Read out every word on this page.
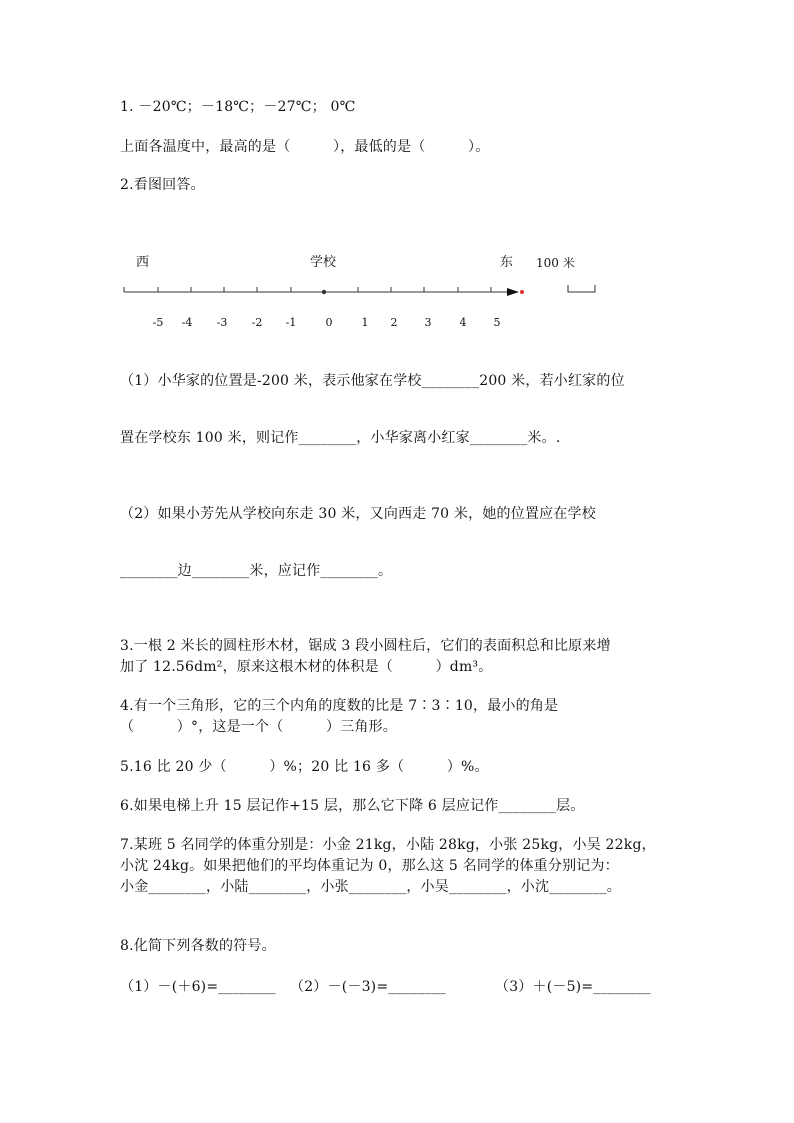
1. －20℃；－18℃；－27℃； 0℃
上面各温度中，最高的是（　　　），最低的是（　　　）。
2.看图回答。
西	学校	东 100 米
-5 -4 -3 -2 -1	0	1 2 3	4 5
（1）小华家的位置是-200 米，表示他家在学校________200 米，若小红家的位
置在学校东 100 米，则记作________，小华家离小红家________米。.
（2）如果小芳先从学校向东走 30 米，又向西走 70 米，她的位置应在学校
________边________米，应记作________。
3.一根 2 米长的圆柱形木材，锯成 3 段小圆柱后，它们的表面积总和比原来增
加了 12.56dm²，原来这根木材的体积是（　　　）dm³。
4.有一个三角形，它的三个内角的度数的比是 7∶3∶10，最小的角是
（　　　）°，这是一个（　　　）三角形。
5.16 比 20 少（　　　）%；20 比 16 多（　　　）%。
6.如果电梯上升 15 层记作+15 层，那么它下降 6 层应记作________层。
7.某班 5 名同学的体重分别是：小金 21kg，小陆 28kg，小张 25kg，小吴 22kg，
小沈 24kg。如果把他们的平均体重记为 0，那么这 5 名同学的体重分别记为：
小金________，小陆________，小张________，小吴________，小沈________。
8.化简下列各数的符号。
（1）－(＋6)=________ （2）－(－3)=________	（3）＋(－5)=________
